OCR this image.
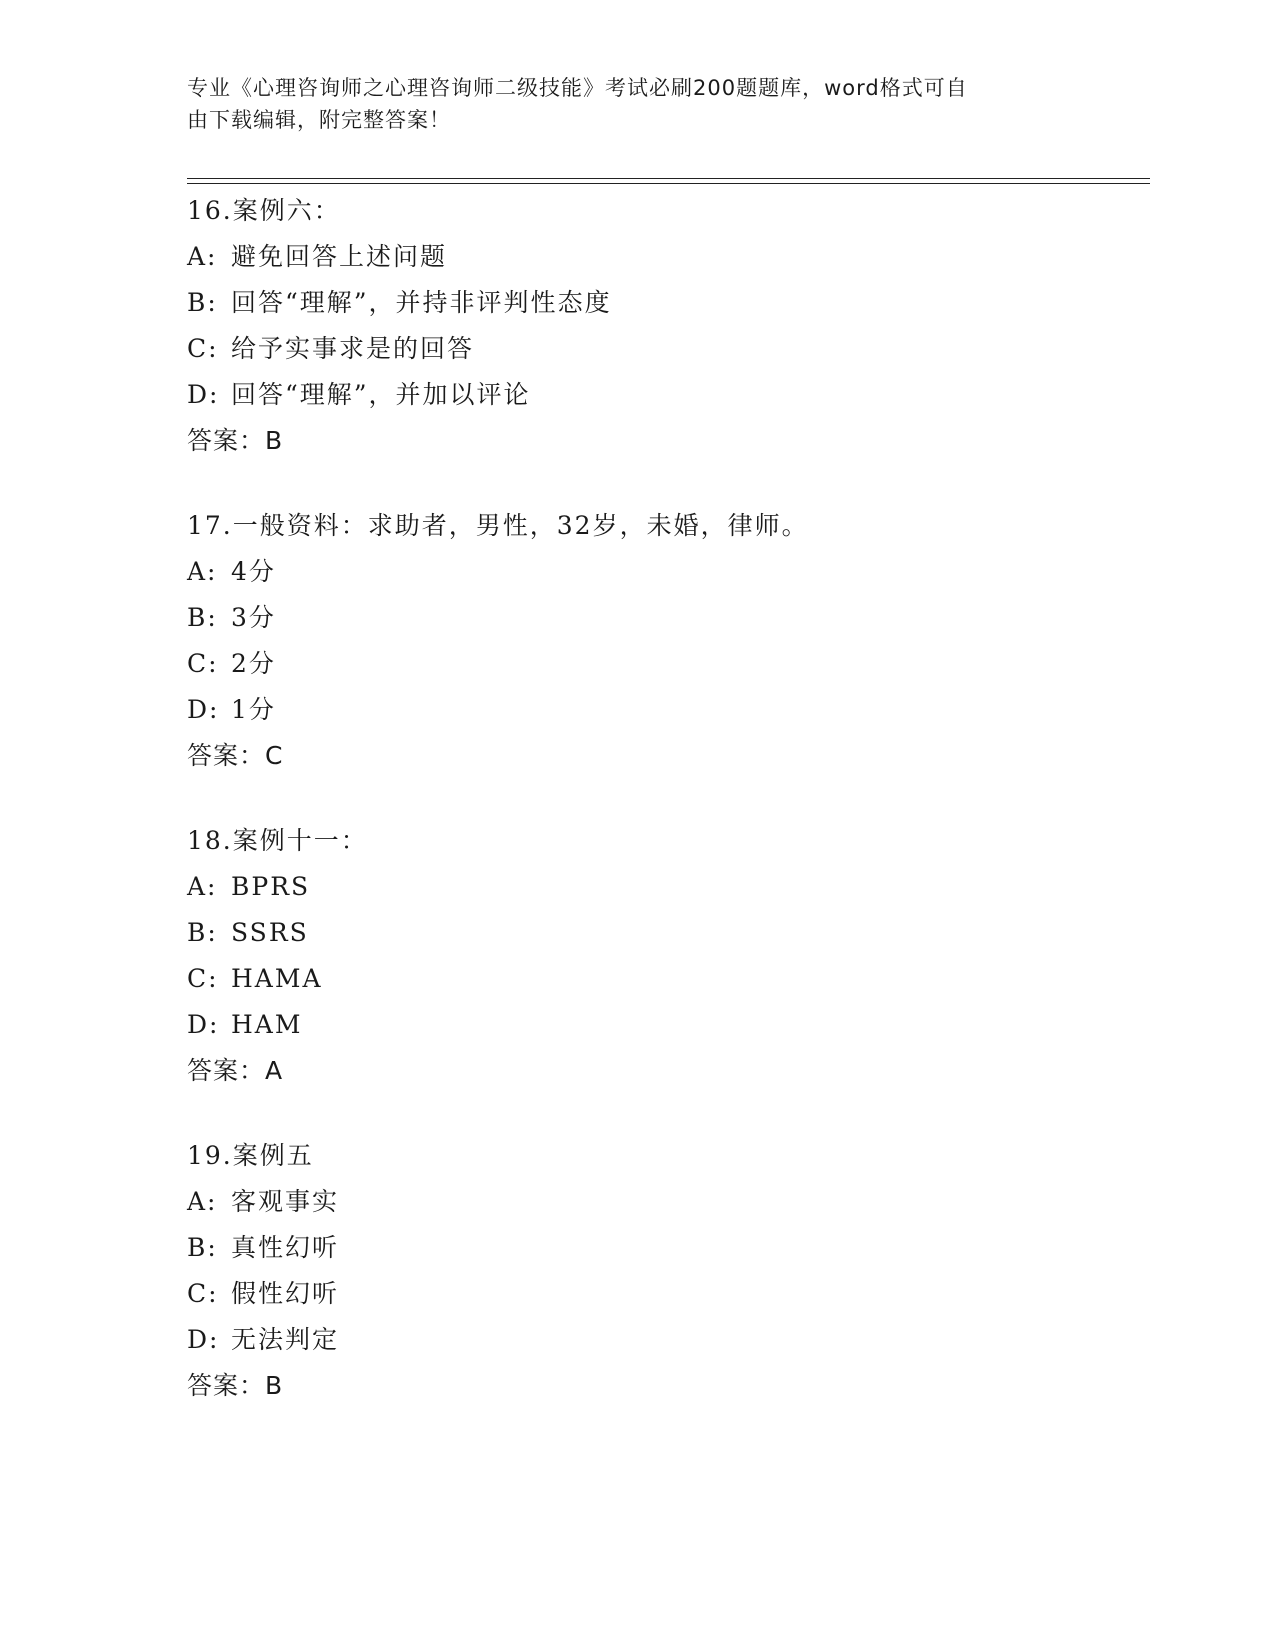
专业《心理咨询师之心理咨询师二级技能》考试必刷200题题库，word格式可自
由下载编辑，附完整答案！
16.案例六：
A: 避免回答上述问题
B: 回答“理解”，并持非评判性态度
C: 给予实事求是的回答
D: 回答“理解”，并加以评论
答案：B
17.一般资料：求助者，男性，32岁，未婚，律师。
A: 4分
B: 3分
C: 2分
D: 1分
答案：C
18.案例十一：
A: BPRS
B: SSRS
C: HAMA
D: HAM
答案：A
19.案例五
A: 客观事实
B: 真性幻听
C: 假性幻听
D: 无法判定
答案：B
